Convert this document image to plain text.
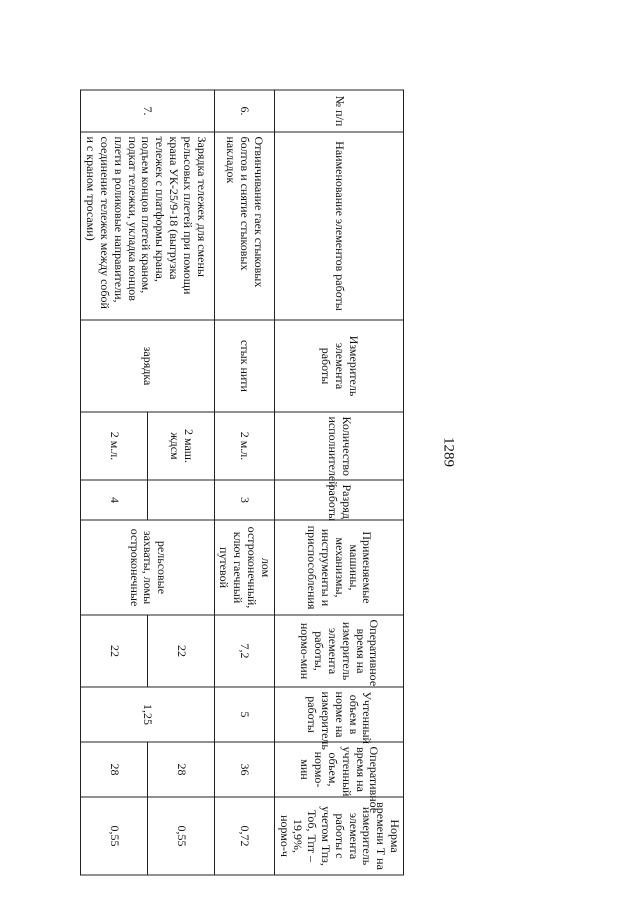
1289
№ п/п	Наименование элементов работы	Измеритель элемента работы	Количество исполнителей	Разряд работы	Применяемые машины, механизмы, инструменты и приспособления	Оперативное время на измеритель элемента работы, нормо-мин	Учтенный объем в норме на измеритель работы	Оперативное время на учтенный объем, нормо-мин	Норма времени Т на измеритель элемента работы с учетом Тпз, Тоб, Тпт – 19,9%, нормо-ч
6.	Отвинчивание гаек стыковых болтов и снятие стыковых накладок	стык нити	2 м.л.	3	лом остроконечный, ключ гаечный путевой	7,2	5	36	0,72
7.	Зарядка тележек для смены рельсовых плетей при помощи крана УК-25/9-18 (выгрузка тележек с платформы крана, подъем концов плетей краном, подкат тележки, укладка концов плети в роликовые направители, соединение тележек между собой и с краном тросами)	зарядка	2 маш. ждсм		рельсовые захваты, ломы остроконечные	22	1,25	28	0,55
			2 м.л.	4		22		28	0,55
